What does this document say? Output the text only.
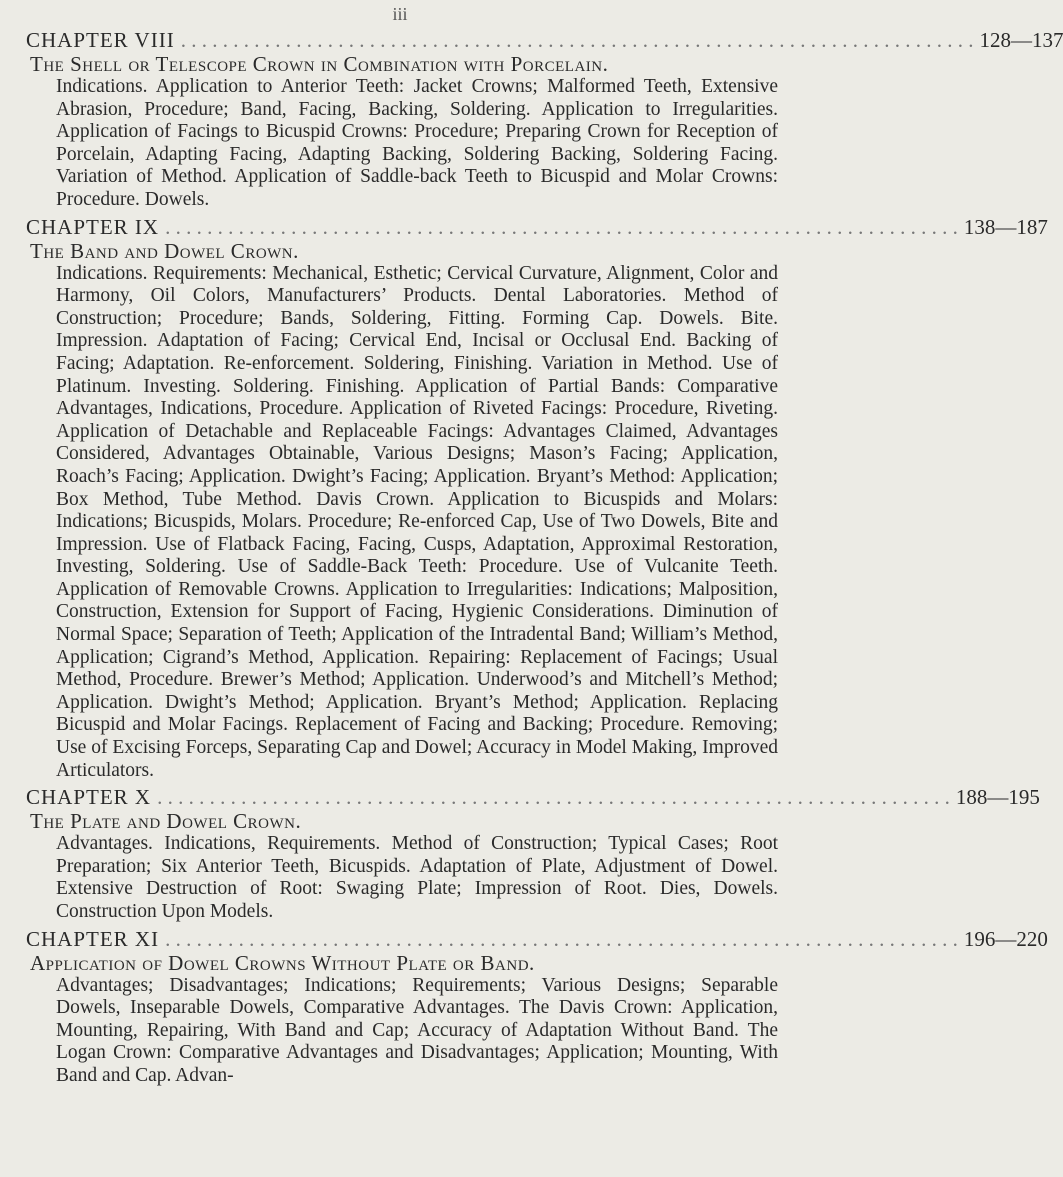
iii
CHAPTER VIII . . . . . . . . . . . . . . . . . . . . . . . . . . . . . . . . . . . . . . . . . . . . . . . . . . . . . . . . . . . . . . . . . . . . . . . . . . . . 128—137
The Shell or Telescope Crown in Combination with Porcelain.
Indications. Application to Anterior Teeth: Jacket Crowns; Malformed Teeth, Extensive Abrasion, Procedure; Band, Facing, Backing, Soldering. Application to Irregularities. Application of Facings to Bicuspid Crowns: Procedure; Preparing Crown for Reception of Porcelain, Adapting Facing, Adapting Backing, Soldering Backing, Soldering Facing. Variation of Method. Application of Saddle-back Teeth to Bicuspid and Molar Crowns: Procedure. Dowels.
CHAPTER IX . . . . . . . . . . . . . . . . . . . . . . . . . . . . . . . . . . . . . . . . . . . . . . . . . . . . . . . . . . . . . . . . . . . . . . . . . . . . 138—187
The Band and Dowel Crown.
Indications. Requirements: Mechanical, Esthetic; Cervical Curvature, Alignment, Color and Harmony, Oil Colors, Manufacturers’ Products. Dental Laboratories. Method of Construction; Procedure; Bands, Soldering, Fitting. Forming Cap. Dowels. Bite. Impression. Adaptation of Facing; Cervical End, Incisal or Occlusal End. Backing of Facing; Adaptation. Re-enforcement. Soldering, Finishing. Variation in Method. Use of Platinum. Investing. Soldering. Finishing. Application of Partial Bands: Comparative Advantages, Indications, Procedure. Application of Riveted Facings: Procedure, Riveting. Application of Detachable and Replaceable Facings: Advantages Claimed, Advantages Considered, Advantages Obtainable, Various Designs; Mason’s Facing; Application, Roach’s Facing; Application. Dwight’s Facing; Application. Bryant’s Method: Application; Box Method, Tube Method. Davis Crown. Application to Bicuspids and Molars: Indications; Bicuspids, Molars. Procedure; Re-enforced Cap, Use of Two Dowels, Bite and Impression. Use of Flatback Facing, Facing, Cusps, Adaptation, Approximal Restoration, Investing, Soldering. Use of Saddle-Back Teeth: Procedure. Use of Vulcanite Teeth. Application of Removable Crowns. Application to Irregularities: Indications; Malposition, Construction, Extension for Support of Facing, Hygienic Considerations. Diminution of Normal Space; Separation of Teeth; Application of the Intradental Band; William’s Method, Application; Cigrand’s Method, Application. Repairing: Replacement of Facings; Usual Method, Procedure. Brewer’s Method; Application. Underwood’s and Mitchell’s Method; Application. Dwight’s Method; Application. Bryant’s Method; Application. Replacing Bicuspid and Molar Facings. Replacement of Facing and Backing; Procedure. Removing; Use of Excising Forceps, Separating Cap and Dowel; Accuracy in Model Making, Improved Articulators.
CHAPTER X . . . . . . . . . . . . . . . . . . . . . . . . . . . . . . . . . . . . . . . . . . . . . . . . . . . . . . . . . . . . . . . . . . . . . . . . . . . . 188—195
The Plate and Dowel Crown.
Advantages. Indications, Requirements. Method of Construction; Typical Cases; Root Preparation; Six Anterior Teeth, Bicuspids. Adaptation of Plate, Adjustment of Dowel. Extensive Destruction of Root: Swaging Plate; Impression of Root. Dies, Dowels. Construction Upon Models.
CHAPTER XI . . . . . . . . . . . . . . . . . . . . . . . . . . . . . . . . . . . . . . . . . . . . . . . . . . . . . . . . . . . . . . . . . . . . . . . . . . . . 196—220
Application of Dowel Crowns Without Plate or Band.
Advantages; Disadvantages; Indications; Requirements; Various Designs; Separable Dowels, Inseparable Dowels, Comparative Advantages. The Davis Crown: Application, Mounting, Repairing, With Band and Cap; Accuracy of Adaptation Without Band. The Logan Crown: Comparative Advantages and Disadvantages; Application; Mounting, With Band and Cap. Advan-
